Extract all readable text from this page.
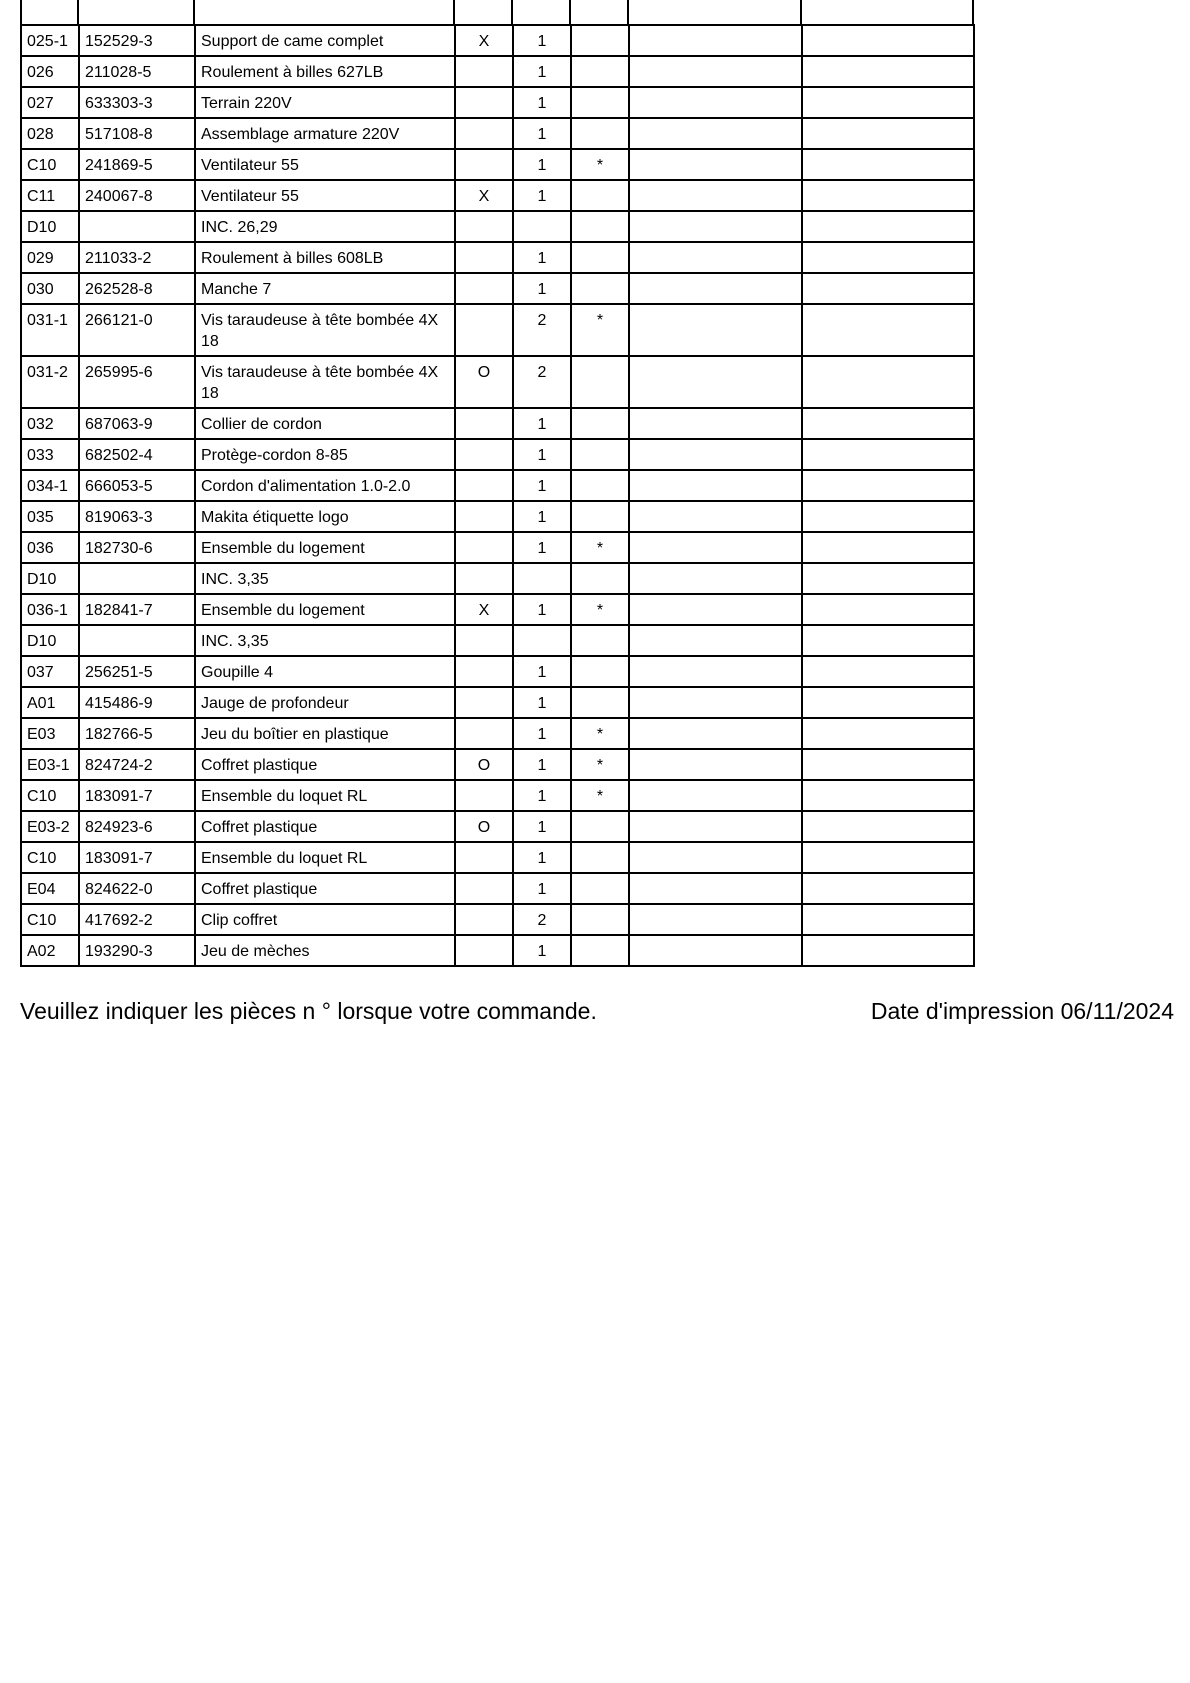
025-1	152529-3	Support de came complet	X	1			
026	211028-5	Roulement à billes 627LB		1			
027	633303-3	Terrain 220V		1			
028	517108-8	Assemblage armature 220V		1			
C10	241869-5	Ventilateur 55		1	*		
C11	240067-8	Ventilateur 55	X	1			
D10		INC. 26,29					
029	211033-2	Roulement à billes 608LB		1			
030	262528-8	Manche 7		1			
031-1	266121-0	Vis taraudeuse à tête bombée 4X 18		2	*		
031-2	265995-6	Vis taraudeuse à tête bombée 4X 18	O	2			
032	687063-9	Collier de cordon		1			
033	682502-4	Protège-cordon 8-85		1			
034-1	666053-5	Cordon d'alimentation 1.0-2.0		1			
035	819063-3	Makita étiquette logo		1			
036	182730-6	Ensemble du logement		1	*		
D10		INC. 3,35					
036-1	182841-7	Ensemble du logement	X	1	*		
D10		INC. 3,35					
037	256251-5	Goupille 4		1			
A01	415486-9	Jauge de profondeur		1			
E03	182766-5	Jeu du boîtier en plastique		1	*		
E03-1	824724-2	Coffret plastique	O	1	*		
C10	183091-7	Ensemble du loquet RL		1	*		
E03-2	824923-6	Coffret plastique	O	1			
C10	183091-7	Ensemble du loquet RL		1			
E04	824622-0	Coffret plastique		1			
C10	417692-2	Clip coffret		2			
A02	193290-3	Jeu de mèches		1			
Veuillez indiquer les pièces n ° lorsque votre commande.	Date d'impression 06/11/2024
